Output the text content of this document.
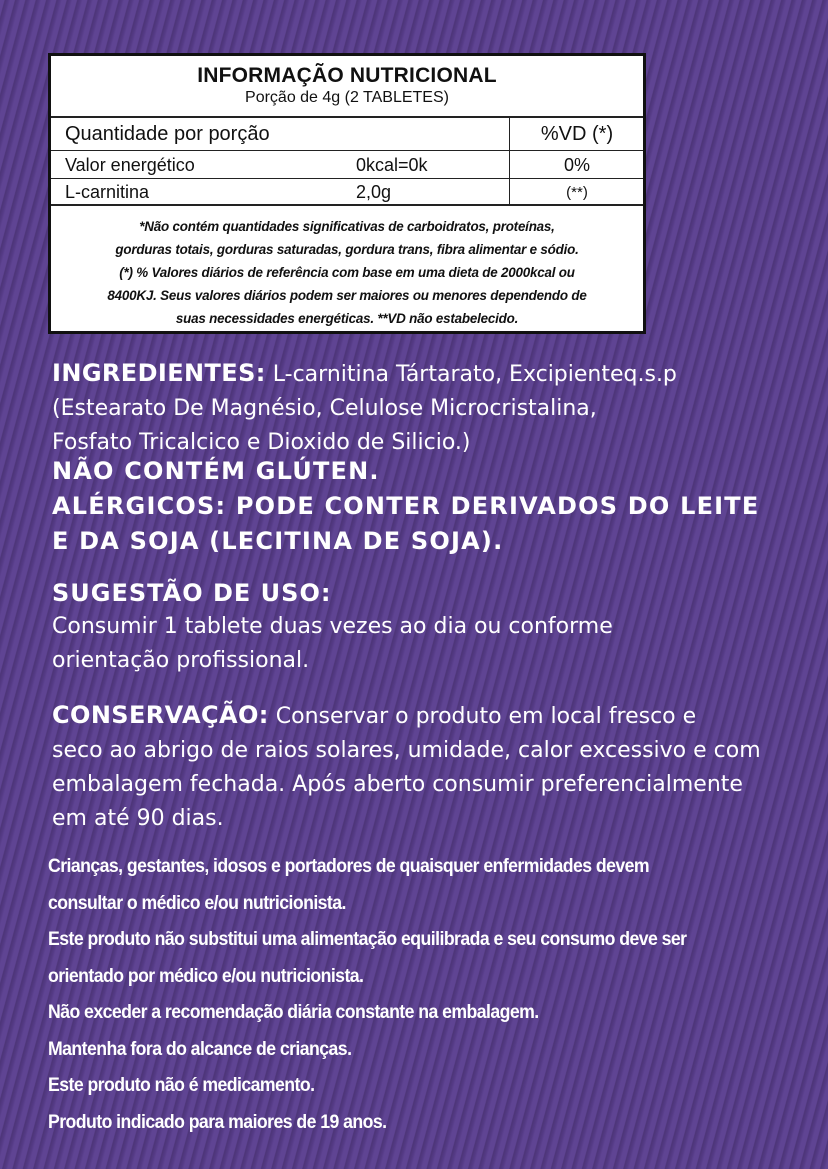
INFORMAÇÃO NUTRICIONAL
Porção de 4g (2 TABLETES)
Quantidade por porção	%VD (*)
Valor energético	0kcal=0k	0%
L-carnitina	2,0g	(**)
*Não contém quantidades significativas de carboidratos, proteínas,
gorduras totais, gorduras saturadas, gordura trans, fibra alimentar e sódio.
(*) % Valores diários de referência com base em uma dieta de 2000kcal ou
8400KJ. Seus valores diários podem ser maiores ou menores dependendo de
suas necessidades energéticas. **VD não estabelecido.
INGREDIENTES: L-carnitina Tártarato, Excipienteq.s.p
(Estearato De Magnésio, Celulose Microcristalina,
Fosfato Tricalcico e Dioxido de Silicio.)
NÃO CONTÉM GLÚTEN.
ALÉRGICOS: PODE CONTER DERIVADOS DO LEITE
E DA SOJA (LECITINA DE SOJA).
SUGESTÃO DE USO:
Consumir 1 tablete duas vezes ao dia ou conforme
orientação profissional.
CONSERVAÇÃO: Conservar o produto em local fresco e
seco ao abrigo de raios solares, umidade, calor excessivo e com
embalagem fechada. Após aberto consumir preferencialmente
em até 90 dias.
Crianças, gestantes, idosos e portadores de quaisquer enfermidades devem
consultar o médico e/ou nutricionista.
Este produto não substitui uma alimentação equilibrada e seu consumo deve ser
orientado por médico e/ou nutricionista.
Não exceder a recomendação diária constante na embalagem.
Mantenha fora do alcance de crianças.
Este produto não é medicamento.
Produto indicado para maiores de 19 anos.
